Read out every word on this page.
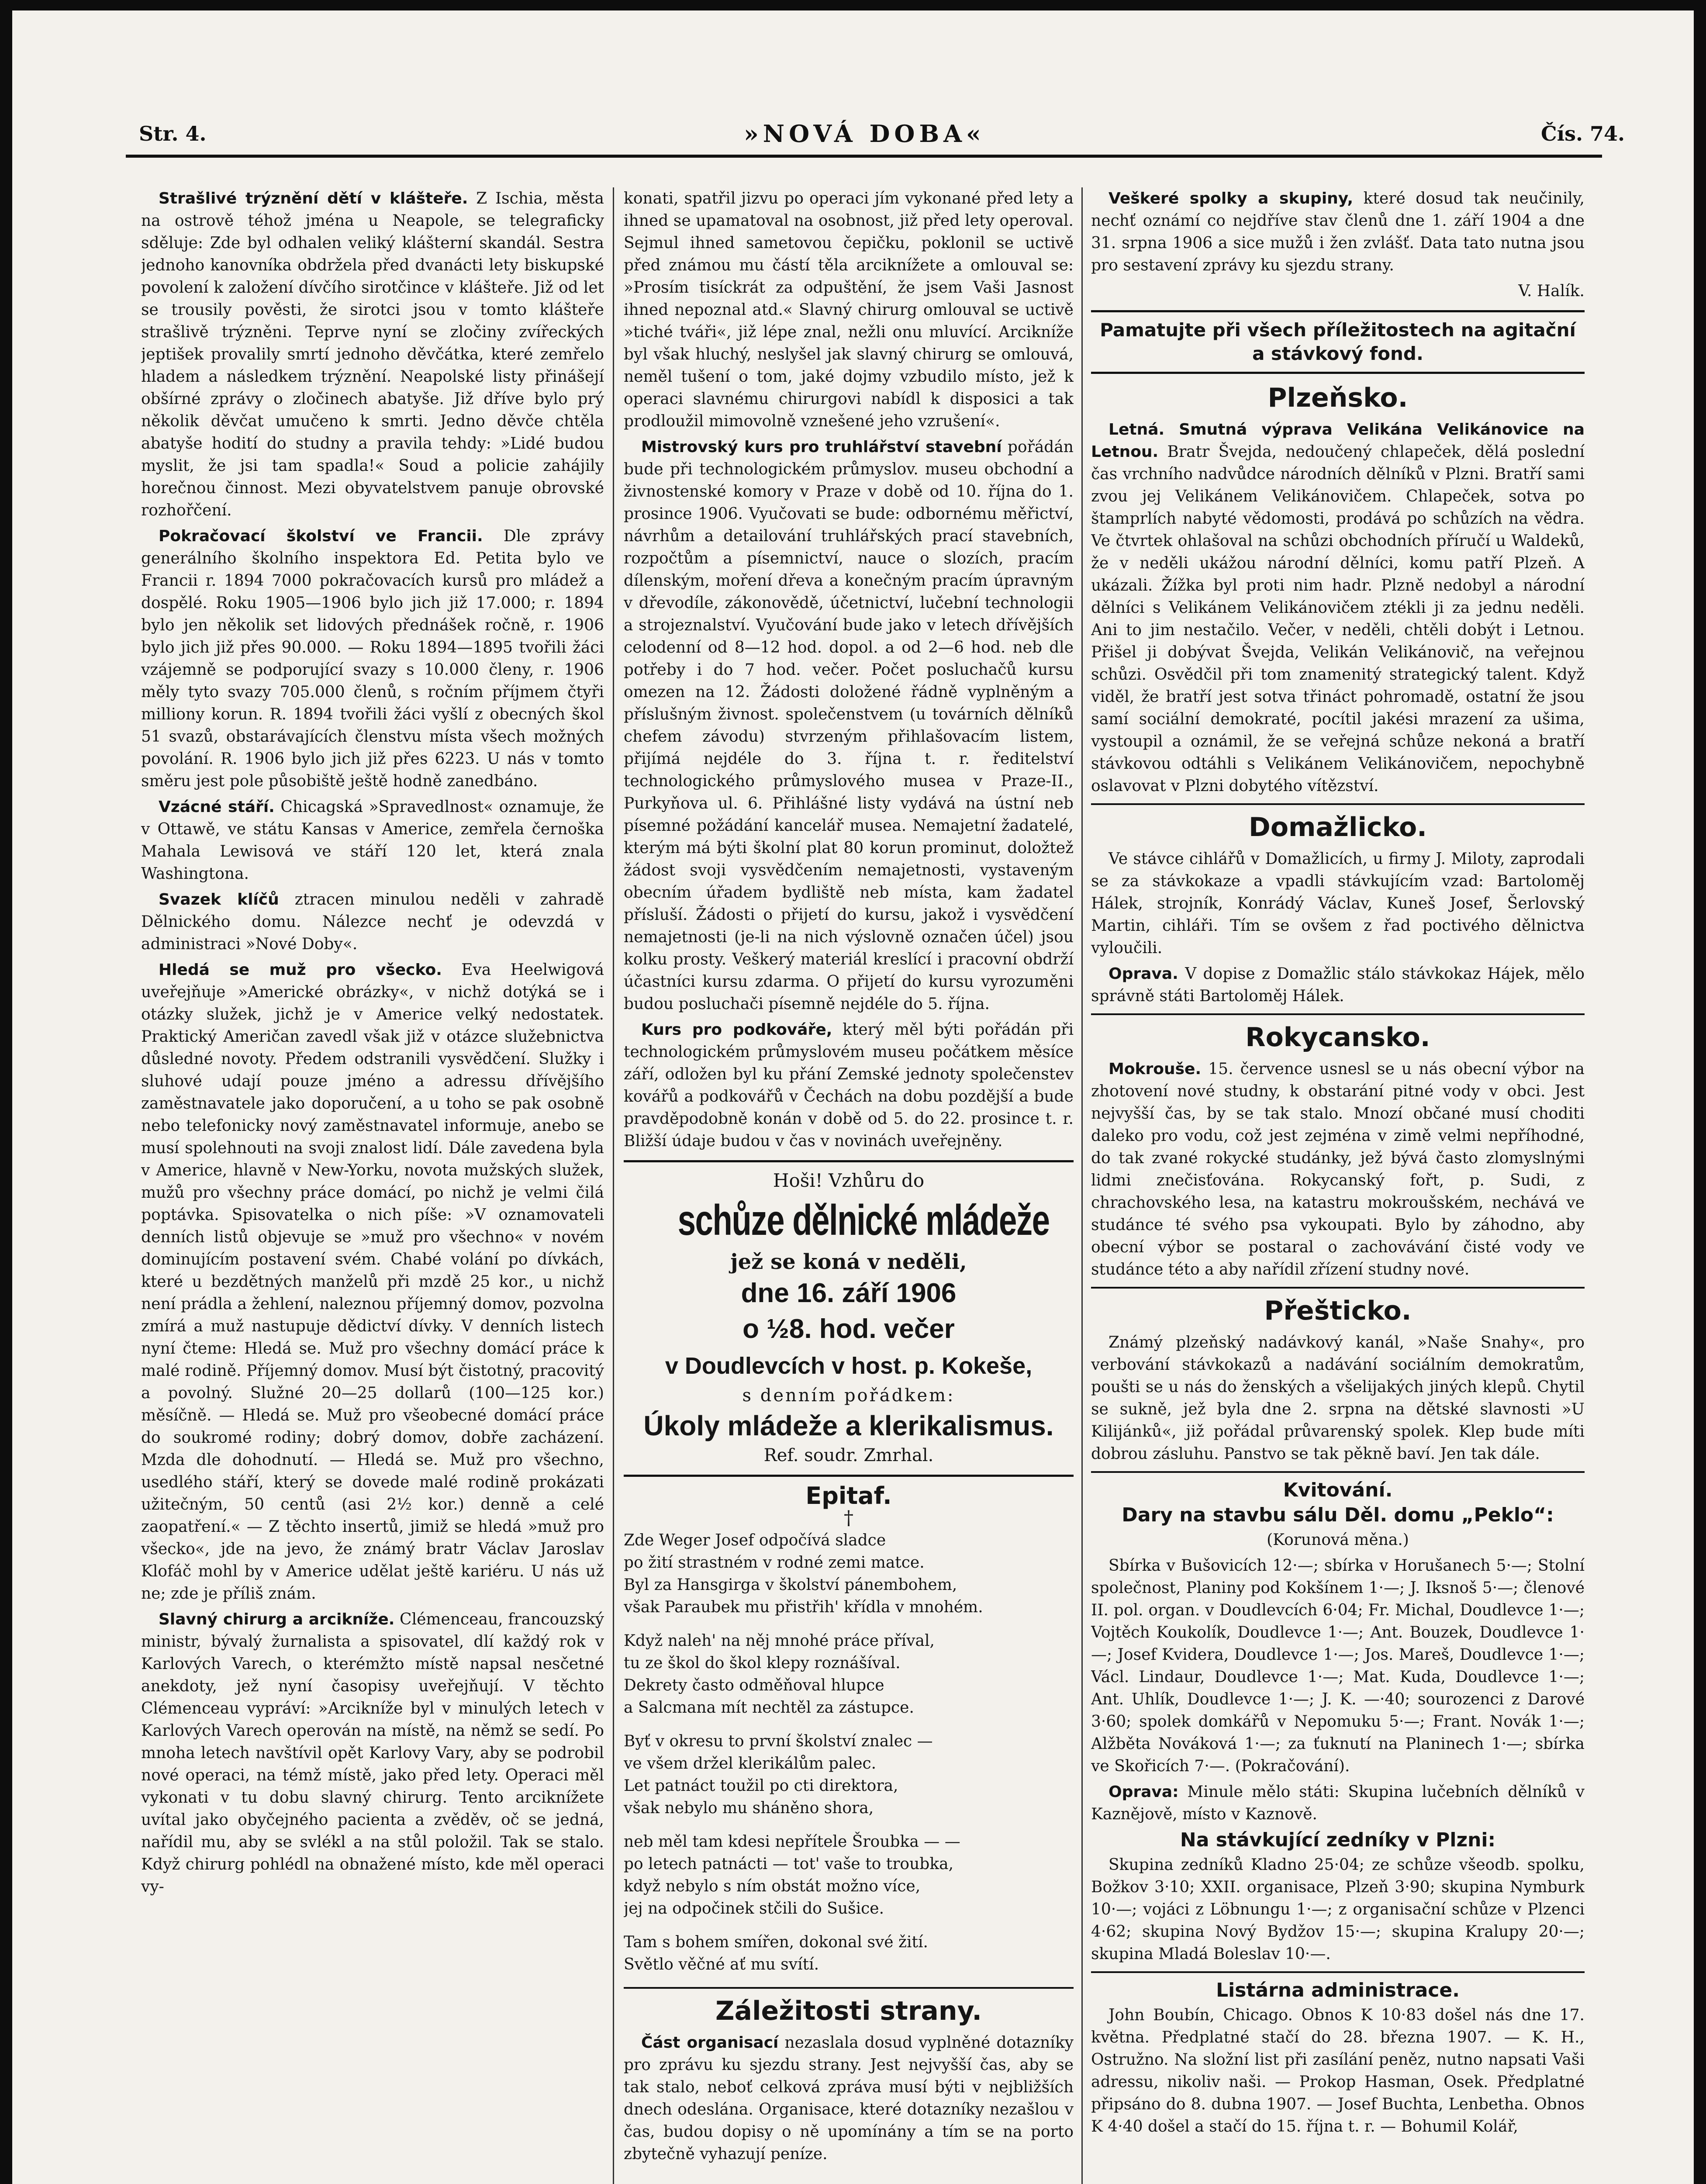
Str. 4.	»NOVÁ DOBA«	Čís. 74.

Strašlivé trýznění dětí v klášteře. Z Ischia, města na ostrově téhož jména u Neapole, se telegraficky sděluje: Zde byl odhalen veliký klášterní skandál. Sestra jednoho kanovníka obdržela před dvanácti lety biskupské povolení k založení dívčího sirotčince v klášteře. Již od let se trousily pověsti, že sirotci jsou v tomto klášteře strašlivě trýzněni. Teprve nyní se zločiny zvířeckých jeptišek provalily smrtí jednoho děvčátka, které zemřelo hladem a následkem trýznění. Neapolské listy přinášejí obšírné zprávy o zločinech abatyše. Již dříve bylo prý několik děvčat umučeno k smrti. Jedno děvče chtěla abatyše hodití do studny a pravila tehdy: »Lidé budou myslit, že jsi tam spadla!« Soud a policie zahájily horečnou činnost. Mezi obyvatelstvem panuje obrovské rozhořčení.

Pokračovací školství ve Francii. Dle zprávy generálního školního inspektora Ed. Petita bylo ve Francii r. 1894 7000 pokračovacích kursů pro mládež a dospělé. Roku 1905—1906 bylo jich již 17.000; r. 1894 bylo jen několik set lidových přednášek ročně, r. 1906 bylo jich již přes 90.000. — Roku 1894—1895 tvořili žáci vzájemně se podporující svazy s 10.000 členy, r. 1906 měly tyto svazy 705.000 členů, s ročním příjmem čtyři milliony korun. R. 1894 tvořili žáci vyšlí z obecných škol 51 svazů, obstarávajících členstvu místa všech možných povolání. R. 1906 bylo jich již přes 6223. U nás v tomto směru jest pole působiště ještě hodně zanedbáno.

Vzácné stáří. Chicagská »Spravedlnost« oznamuje, že v Ottawě, ve státu Kansas v Americe, zemřela černoška Mahala Lewisová ve stáří 120 let, která znala Washingtona.

Svazek klíčů ztracen minulou neděli v zahradě Dělnického domu. Nálezce nechť je odevzdá v administraci »Nové Doby«.

Hledá se muž pro všecko. Eva Heelwigová uveřejňuje »Americké obrázky«, v nichž dotýká se i otázky služek, jichž je v Americe velký nedostatek. Praktický Američan zavedl však již v otázce služebnictva důsledné novoty. Předem odstranili vysvědčení. Služky i sluhové udají pouze jméno a adressu dřívějšího zaměstnavatele jako doporučení, a u toho se pak osobně nebo telefonicky nový zaměstnavatel informuje, anebo se musí spolehnouti na svoji znalost lidí. Dále zavedena byla v Americe, hlavně v New-Yorku, novota mužských služek, mužů pro všechny práce domácí, po nichž je velmi čilá poptávka. Spisovatelka o nich píše: »V oznamovateli denních listů objevuje se »muž pro všechno« v novém dominujícím postavení svém. Chabé volání po dívkách, které u bezdětných manželů při mzdě 25 kor., u nichž není prádla a žehlení, naleznou příjemný domov, pozvolna zmírá a muž nastupuje dědictví dívky. V denních listech nyní čteme: Hledá se. Muž pro všechny domácí práce k malé rodině. Příjemný domov. Musí být čistotný, pracovitý a povolný. Služné 20—25 dollarů (100—125 kor.) měsíčně. — Hledá se. Muž pro všeobecné domácí práce do soukromé rodiny; dobrý domov, dobře zacházení. Mzda dle dohodnutí. — Hledá se. Muž pro všechno, usedlého stáří, který se dovede malé rodině prokázati užitečným, 50 centů (asi 2½ kor.) denně a celé zaopatření.« — Z těchto insertů, jimiž se hledá »muž pro všecko«, jde na jevo, že známý bratr Václav Jaroslav Klofáč mohl by v Americe udělat ještě kariéru. U nás už ne; zde je příliš znám.

Slavný chirurg a arciknížе. Clémenceau, francouzský ministr, bývalý žurnalista a spisovatel, dlí každý rok v Karlových Varech, o kterémžto místě napsal nesčetné anekdoty, jež nyní časopisy uveřejňují. V těchto Clémenceau vypráví: »Arciknížе byl v minulých letech v Karlových Varech operován na místě, na němž se sedí. Po mnoha letech navštívil opět Karlovy Vary, aby se podrobil nové operaci, na témž místě, jako před lety. Operaci měl vykonati v tu dobu slavný chirurg. Tento arciknížete uvítal jako obyčejného pacienta a zvěděv, oč se jedná, nařídil mu, aby se svlékl a na stůl položil. Tak se stalo. Když chirurg pohlédl na obnažené místo, kde měl operaci vy-

konati, spatřil jizvu po operaci jím vykonané před lety a ihned se upamatoval na osobnost, již před lety operoval. Sejmul ihned sametovou čepičku, poklonil se uctivě před známou mu částí těla arciknížete a omlouval se: »Prosím tisíckrát za odpuštění, že jsem Vaši Jasnost ihned nepoznal atd.« Slavný chirurg omlouval se uctivě »tiché tváři«, již lépe znal, nežli onu mluvící. Arciknížе byl však hluchý, neslyšel jak slavný chirurg se omlouvá, neměl tušení o tom, jaké dojmy vzbudilo místo, jež k operaci slavnému chirurgovi nabídl k disposici a tak prodloužil mimovolně vznešené jeho vzrušení«.

Mistrovský kurs pro truhlářství stavební pořádán bude při technologickém průmyslov. museu obchodní a živnostenské komory v Praze v době od 10. října do 1. prosince 1906. Vyučovati se bude: odbornému měřictví, návrhům a detailování truhlářských prací stavebních, rozpočtům a písemnictví, nauce o slozích, pracím dílenským, moření dřeva a konečným pracím úpravným v dřevodíle, zákonovědě, účetnictví, lučební technologii a strojeznalství. Vyučování bude jako v letech dřívějších celodenní od 8—12 hod. dopol. a od 2—6 hod. neb dle potřeby i do 7 hod. večer. Počet posluchačů kursu omezen na 12. Žádosti doložené řádně vyplněným a příslušným živnost. společenstvem (u továrních dělníků chefem závodu) stvrzeným přihlašovacím listem, přijímá nejdéle do 3. října t. r. ředitelství technologického průmyslového musea v Praze-II., Purkyňova ul. 6. Přihlášné listy vydává na ústní neb písemné požádání kancelář musea. Nemajetní žadatelé, kterým má býti školní plat 80 korun prominut, doložtež žádost svoji vysvědčením nemajetnosti, vystaveným obecním úřadem bydliště neb místa, kam žadatel přísluší. Žádosti o přijetí do kursu, jakož i vysvědčení nemajetnosti (je-li na nich výslovně označen účel) jsou kolku prosty. Veškerý materiál kreslící i pracovní obdrží účastníci kursu zdarma. O přijetí do kursu vyrozuměni budou posluchači písemně nejdéle do 5. října.

Kurs pro podkováře, který měl býti pořádán při technologickém průmyslovém museu počátkem měsíce září, odložen byl ku přání Zemské jednoty společenstev kovářů a podkovářů v Čechách na dobu pozdější a bude pravděpodobně konán v době od 5. do 22. prosince t. r. Bližší údaje budou v čas v novinách uveřejněny.

Hoši! Vzhůru do
schůze dělnické mládeže
jež se koná v neděli,
dne 16. září 1906
o ½8. hod. večer
v Doudlevcích v host. p. Kokeše,
s denním pořádkem:
Úkoly mládeže a klerikalismus.
Ref. soudr. Zmrhal.
Epitaf.
†

Zde Weger Josef odpočívá sladce
po žití strastném v rodné zemi matce.
Byl za Hansgirga v školství pánembohem,
však Paraubek mu přistřih' křídla v mnohém.

Když naleh' na něj mnohé práce příval,
tu ze škol do škol klepy roznášíval.
Dekrety často odměňoval hlupce
a Salcmana mít nechtěl za zástupce.

Byť v okresu to první školství znalec —
ve všem držel klerikálům palec.
Let patnáct toužil po cti direktora,
však nebylo mu sháněno shora,

neb měl tam kdesi nepřítele Šroubka — —
po letech patnácti — tot' vaše to troubka,
když nebylo s ním obstát možno více,
jej na odpočinek stčili do Sušice.

Tam s bohem smířen, dokonal své žití.
Světlo věčné ať mu svítí.

Záležitosti strany.

Část organisací nezaslala dosud vyplněné dotazníky pro zprávu ku sjezdu strany. Jest nejvyšší čas, aby se tak stalo, neboť celková zpráva musí býti v nejbližších dnech odeslána. Organisace, které dotazníky nezašlou v čas, budou dopisy o ně upomínány a tím se na porto zbytečně vyhazují peníze.

Veškeré spolky a skupiny, které dosud tak neučinily, nechť oznámí co nejdříve stav členů dne 1. září 1904 a dne 31. srpna 1906 a sice mužů i žen zvlášť. Data tato nutna jsou pro sestavení zprávy ku sjezdu strany.

V. Halík.
Pamatujte při všech příležitostech na agitační a stávkový fond.
Plzeňsko.

Letná. Smutná výprava Velikána Velikánovice na Letnou. Bratr Švejda, nedoučený chlapeček, dělá poslední čas vrchního nadvůdce národních dělníků v Plzni. Bratří sami zvou jej Velikánem Velikánovičem. Chlapeček, sotva po štamprlích nabyté vědomosti, prodává po schůzích na vědra. Ve čtvrtek ohlašoval na schůzi obchodních příručí u Waldeků, že v neděli ukážou národní dělníci, komu patří Plzeň. A ukázali. Žížka byl proti nim hadr. Plzně nedobyl a národní dělníci s Velikánem Velikánovičem ztékli ji za jednu neděli. Ani to jim nestačilo. Večer, v neděli, chtěli dobýt i Letnou. Přišel ji dobývat Švejda, Velikán Velikánovič, na veřejnou schůzi. Osvědčil při tom znamenitý strategický talent. Když viděl, že bratří jest sotva třináct pohromadě, ostatní že jsou samí sociální demokraté, pocítil jakési mrazení za ušima, vystoupil a oznámil, že se veřejná schůze nekoná a bratří stávkovou odtáhli s Velikánem Velikánovičem, nepochybně oslavovat v Plzni dobytého vítězství.

Domažlicko.

Ve stávce cihlářů v Domažlicích, u firmy J. Miloty, zaprodali se za stávkokaze a vpadli stávkujícím vzad: Bartoloměj Hálek, strojník, Konrádý Václav, Kuneš Josef, Šerlovský Martin, cihláři. Tím se ovšem z řad poctivého dělnictva vyloučili.

Oprava. V dopise z Domažlic stálo stávkokaz Hájek, mělo správně státi Bartoloměj Hálek.

Rokycansko.

Mokrouše. 15. července usnesl se u nás obecní výbor na zhotovení nové studny, k obstarání pitné vody v obci. Jest nejvyšší čas, by se tak stalo. Mnozí občané musí choditi daleko pro vodu, což jest zejména v zimě velmi nepříhodné, do tak zvané rokycké studánky, jež bývá často zlomyslnými lidmi znečisťována. Rokycanský fořt, p. Sudi, z chrachovského lesa, na katastru mokroušském, nechává ve studánce té svého psa vykoupati. Bylo by záhodno, aby obecní výbor se postaral o zachovávání čisté vody ve studánce této a aby nařídil zřízení studny nové.

Přešticko.

Známý plzeňský nadávkový kanál, »Naše Snahy«, pro verbování stávkokazů a nadávání sociálním demokratům, poušti se u nás do ženských a všelijakých jiných klepů. Chytil se sukně, jež byla dne 2. srpna na dětské slavnosti »U Kilijánků«, již pořádal průvarenský spolek. Klep bude míti dobrou zásluhu. Panstvo se tak pěkně baví. Jen tak dále.

Kvitování.
Dary na stavbu sálu Děl. domu „Peklo“:
(Korunová měna.)

Sbírka v Bušovicích 12·—; sbírka v Horušanech 5·—; Stolní společnost, Planiny pod Kokšínem 1·—; J. Iksnoš 5·—; členové II. pol. organ. v Doudlevcích 6·04; Fr. Michal, Doudlevce 1·—; Vojtěch Koukolík, Doudlevce 1·—; Ant. Bouzek, Doudlevce 1·—; Josef Kvidera, Doudlevce 1·—; Jos. Mareš, Doudlevce 1·—; Václ. Lindaur, Doudlevce 1·—; Mat. Kuda, Doudlevce 1·—; Ant. Uhlík, Doudlevce 1·—; J. K. —·40; sourozenci z Darové 3·60; spolek domkářů v Nepomuku 5·—; Frant. Novák 1·—; Alžběta Nováková 1·—; za ťuknutí na Planinech 1·—; sbírka ve Skořicích 7·—. (Pokračování).

Oprava: Minule mělo státi: Skupina lučebních dělníků v Kaznějově, místo v Kaznově.

Na stávkující zedníky v Plzni:

Skupina zedníků Kladno 25·04; ze schůze všeodb. spolku, Božkov 3·10; XXII. organisace, Plzeň 3·90; skupina Nymburk 10·—; vojáci z Löbnungu 1·—; z organisační schůze v Plzenci 4·62; skupina Nový Bydžov 15·—; skupina Kralupy 20·—; skupina Mladá Boleslav 10·—.

Listárna administrace.

John Boubín, Chicago. Obnos K 10·83 došel nás dne 17. května. Předplatné stačí do 28. března 1907. — K. H., Ostružno. Na složní list při zasílání peněz, nutno napsati Vaši adressu, nikoliv naši. — Prokop Hasman, Osek. Předplatné připsáno do 8. dubna 1907. — Josef Buchta, Lenbetha. Obnos K 4·40 došel a stačí do 15. října t. r. — Bohumil Kolář,
